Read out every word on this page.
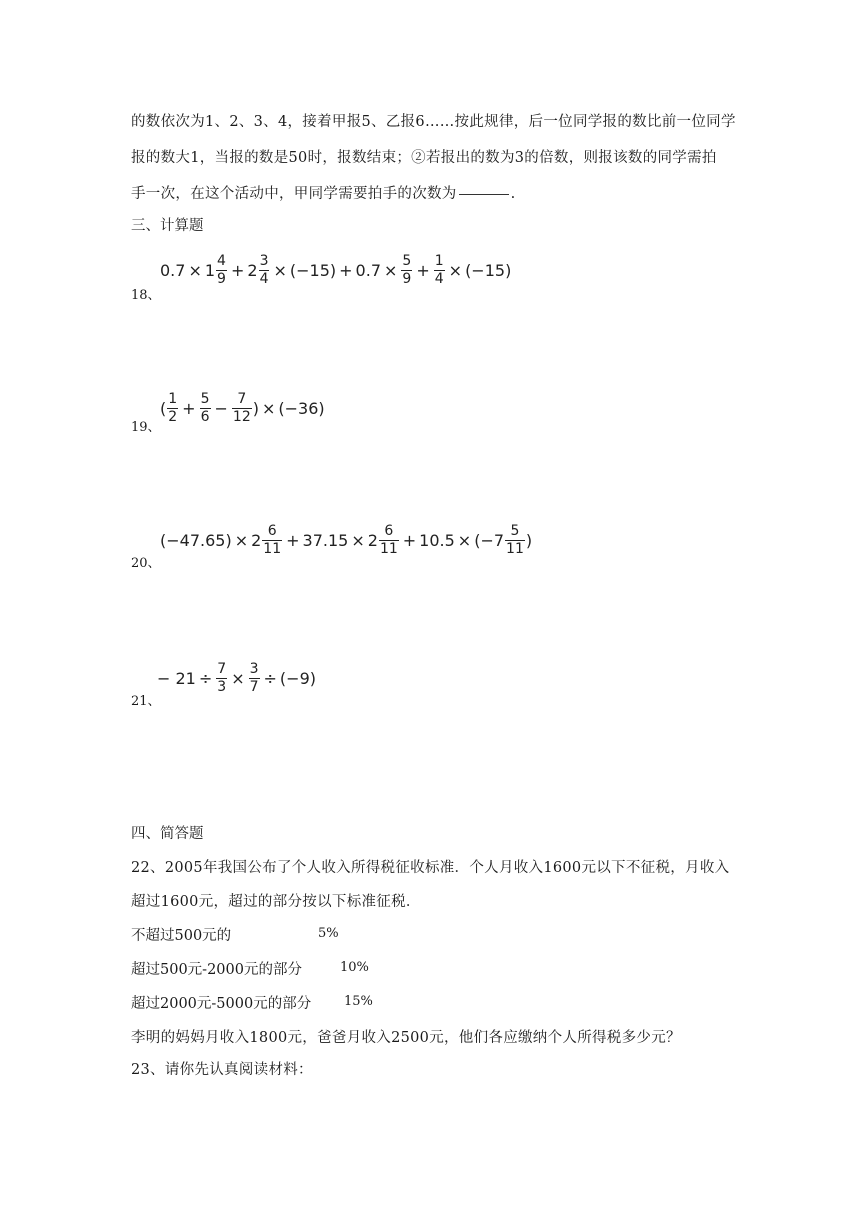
的数依次为1、2、3、4，接着甲报5、乙报6……按此规律，后一位同学报的数比前一位同学
报的数大1，当报的数是50时，报数结束；②若报出的数为3的倍数，则报该数的同学需拍
手一次，在这个活动中，甲同学需要拍手的次数为	.
三、计算题
18、
$0.7 \times 1 \frac{4}{9} + 2 \frac{3}{4} \times (-15) + 0.7 \times \frac{5}{9} + \frac{1}{4} \times (-15)$
19、
( $\frac{1}{2} + \frac{5}{6} - \frac{7}{12}$ ) × (−36)
20、
$(-47.65) \times 2 \frac{6}{11} + 37.15 \times 2 \frac{6}{11} + 10.5$ × (− $7 \frac{5}{11}$ )
21、
− $21 \div \frac{7}{3} \times \frac{3}{7} \div (-9)$
四、简答题
22、2005年我国公布了个人收入所得税征收标准．个人月收入1600元以下不征税，月收入
超过1600元，超过的部分按以下标准征税．
不超过500元的	5%
超过500元-2000元的部分	10%
超过2000元-5000元的部分	15%
李明的妈妈月收入1800元，爸爸月收入2500元，他们各应缴纳个人所得税多少元？
23、请你先认真阅读材料：
